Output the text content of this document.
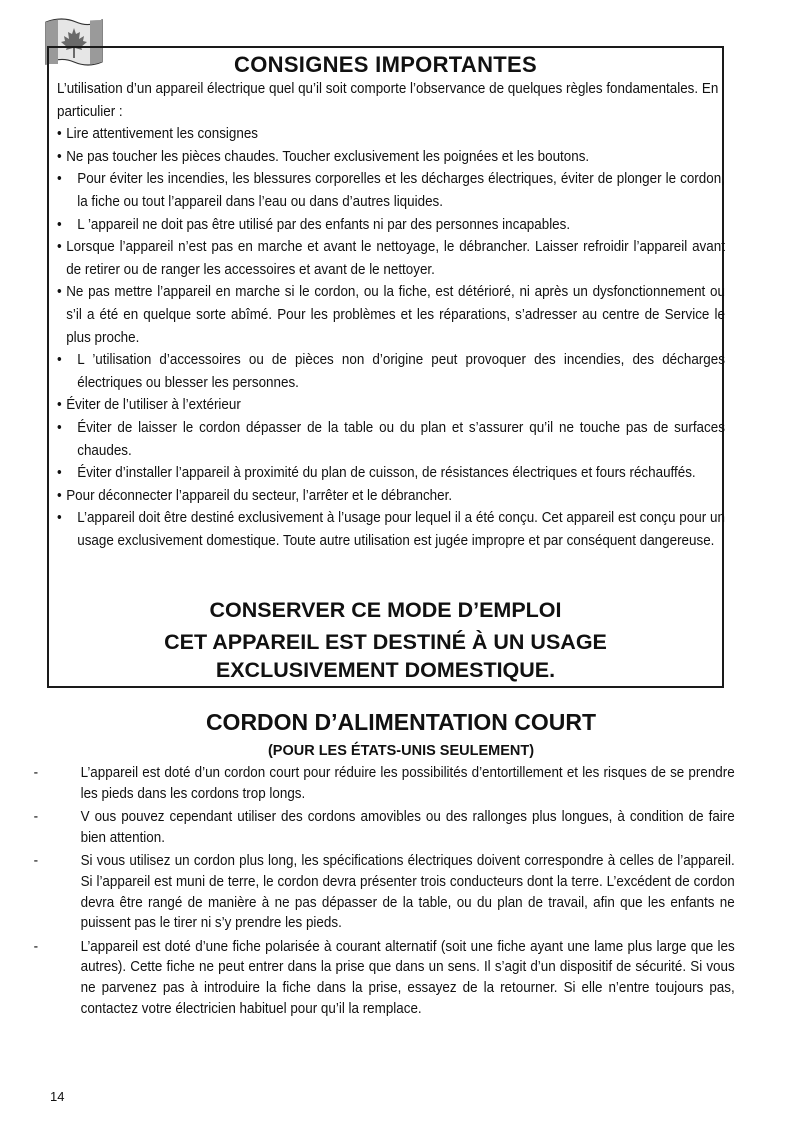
CONSIGNES IMPORTANTES

L’utilisation d’un appareil électrique quel qu’il soit comporte l’observance de quelques règles fondamentales. En particulier :

• Lire attentivement les consignes
• Ne pas toucher les pièces chaudes. Toucher exclusivement les poignées et les boutons.
•	Pour éviter les incendies, les blessures corporelles et les décharges électriques, éviter de plonger le cordon, la fiche ou tout l’appareil dans l’eau ou dans d’autres liquides.
•	L ’appareil ne doit pas être utilisé par des enfants ni par des personnes incapables.
• Lorsque l’appareil n’est pas en marche et avant le nettoyage, le débrancher. Laisser refroidir l’appareil avant de retirer ou de ranger les accessoires et avant de le nettoyer.
• Ne pas mettre l’appareil en marche si le cordon, ou la fiche, est détérioré, ni après un dysfonctionnement ou s’il a été en quelque sorte abîmé. Pour les problèmes et les réparations, s’adresser au centre de Service le plus proche.
•	L ’utilisation d’accessoires ou de pièces non d’origine peut provoquer des incendies, des décharges électriques ou blesser les personnes.
• Éviter de l’utiliser à l’extérieur
•	Éviter de laisser le cordon dépasser de la table ou du plan et s’assurer qu’il ne touche pas de surfaces chaudes.
•	Éviter d’installer l’appareil à proximité du plan de cuisson, de résistances électriques et fours réchauffés.
• Pour déconnecter l’appareil du secteur, l’arrêter et le débrancher.
•	L’appareil doit être destiné exclusivement à l’usage pour lequel il a été conçu. Cet appareil est conçu pour un usage exclusivement domestique. Toute autre utilisation est jugée impropre et par conséquent dangereuse.
CONSERVER CE MODE D’EMPLOI
CET APPAREIL EST DESTINÉ À UN USAGE
EXCLUSIVEMENT DOMESTIQUE.
CORDON D’ALIMENTATION COURT
(POUR LES ÉTATS-UNIS SEULEMENT)
-	L’appareil est doté d’un cordon court pour réduire les possibilités d’entortillement et les risques de se prendre les pieds dans les cordons trop longs.
-	V ous pouvez cependant utiliser des cordons amovibles ou des rallonges plus longues, à condition de faire bien attention.
-	Si vous utilisez un cordon plus long, les spécifications électriques doivent correspondre à celles de l’appareil. Si l’appareil est muni de terre, le cordon devra présenter trois conducteurs dont la terre. L’excédent de cordon devra être rangé de manière à ne pas dépasser de la table, ou du plan de travail, afin que les enfants ne puissent pas le tirer ni s’y prendre les pieds.
-	L’appareil est doté d’une fiche polarisée à courant alternatif (soit une fiche ayant une lame plus large que les autres). Cette fiche ne peut entrer dans la prise que dans un sens. Il s’agit d’un dispositif de sécurité. Si vous ne parvenez pas à introduire la fiche dans la prise, essayez de la retourner. Si elle n’entre toujours pas, contactez votre électricien habituel pour qu’il la remplace.
14
